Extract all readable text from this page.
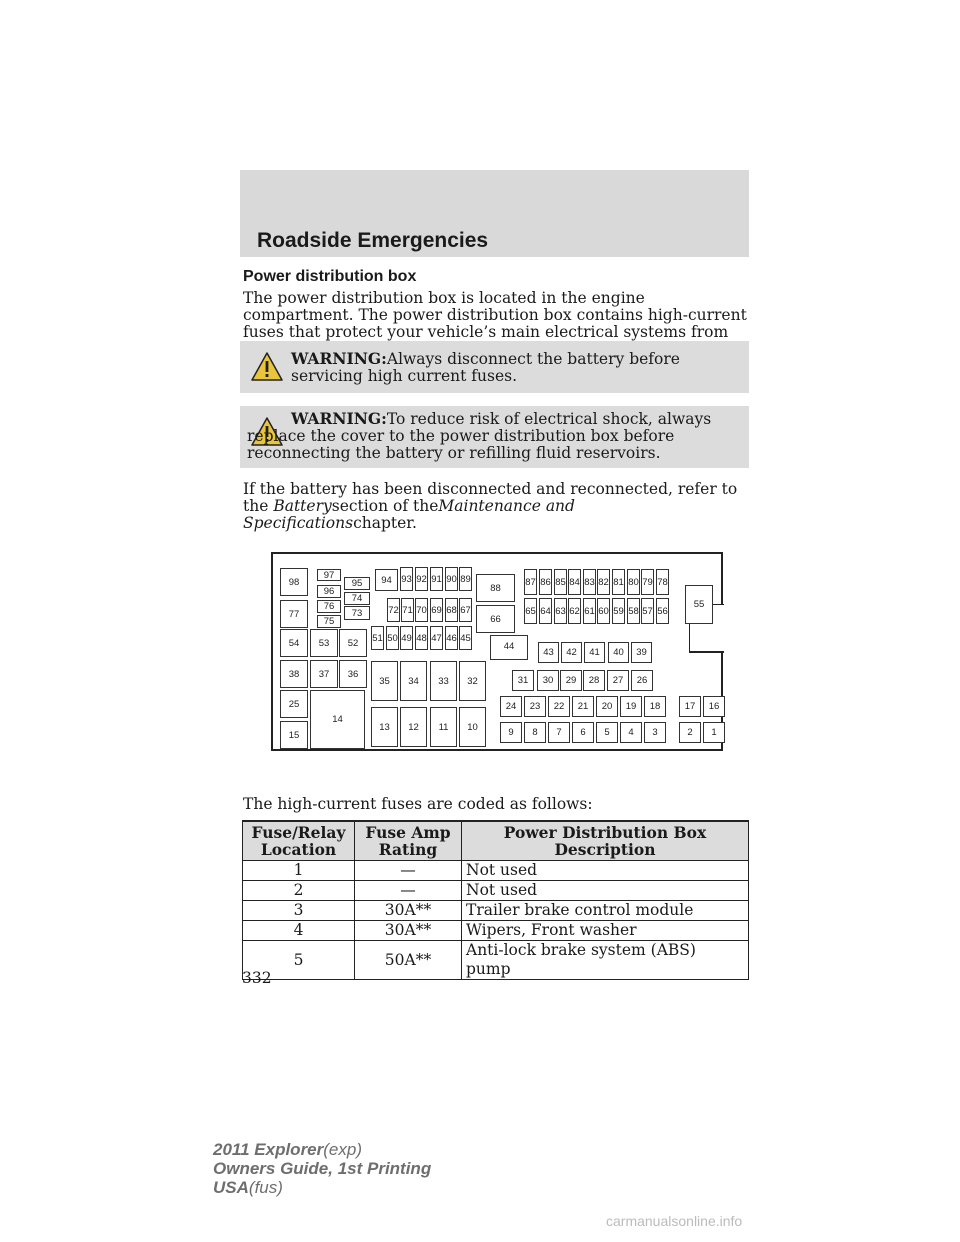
Roadside Emergencies
Power distribution box
The power distribution box is located in the engine compartment. The power distribution box contains high-current fuses that protect your vehicle’s main electrical systems from
WARNING:Always disconnect the battery before servicing high current fuses.
WARNING:To reduce risk of electrical shock, always replace the cover to the power distribution box before reconnecting the battery or refilling fluid reservoirs.
If the battery has been disconnected and reconnected, refer to the Batterysection of theMaintenance and Specificationschapter.
98
97
96
95
74
94 93 92 91 90 89
88
87 86 85 84 83 82 81 80 79 78
77
76
75
73	72 71 70 69 68 67
66
65 64 63 62 61 60 59 58 57 56
55
54	53	52	51 50 49 48 47 46 45
44
43	42	41	40	39
38	37	36
35	34	33	32	31	30	29	28	27	26
25
14
24	23	22	21	20	19	18	17	16
15
13	12	11	10	9	8	7	6	5	4	3	2	1
The high-current fuses are coded as follows:
Fuse/Relay Location	Fuse Amp Rating	Power Distribution Box Description
1	—	Not used
2	—	Not used
3	30A**	Trailer brake control module
4	30A**	Wipers, Front washer
5	50A**	Anti-lock brake system (ABS) pump
332
2011 Explorer(exp)
Owners Guide, 1st Printing
USA(fus)
carmanualsonline.info
